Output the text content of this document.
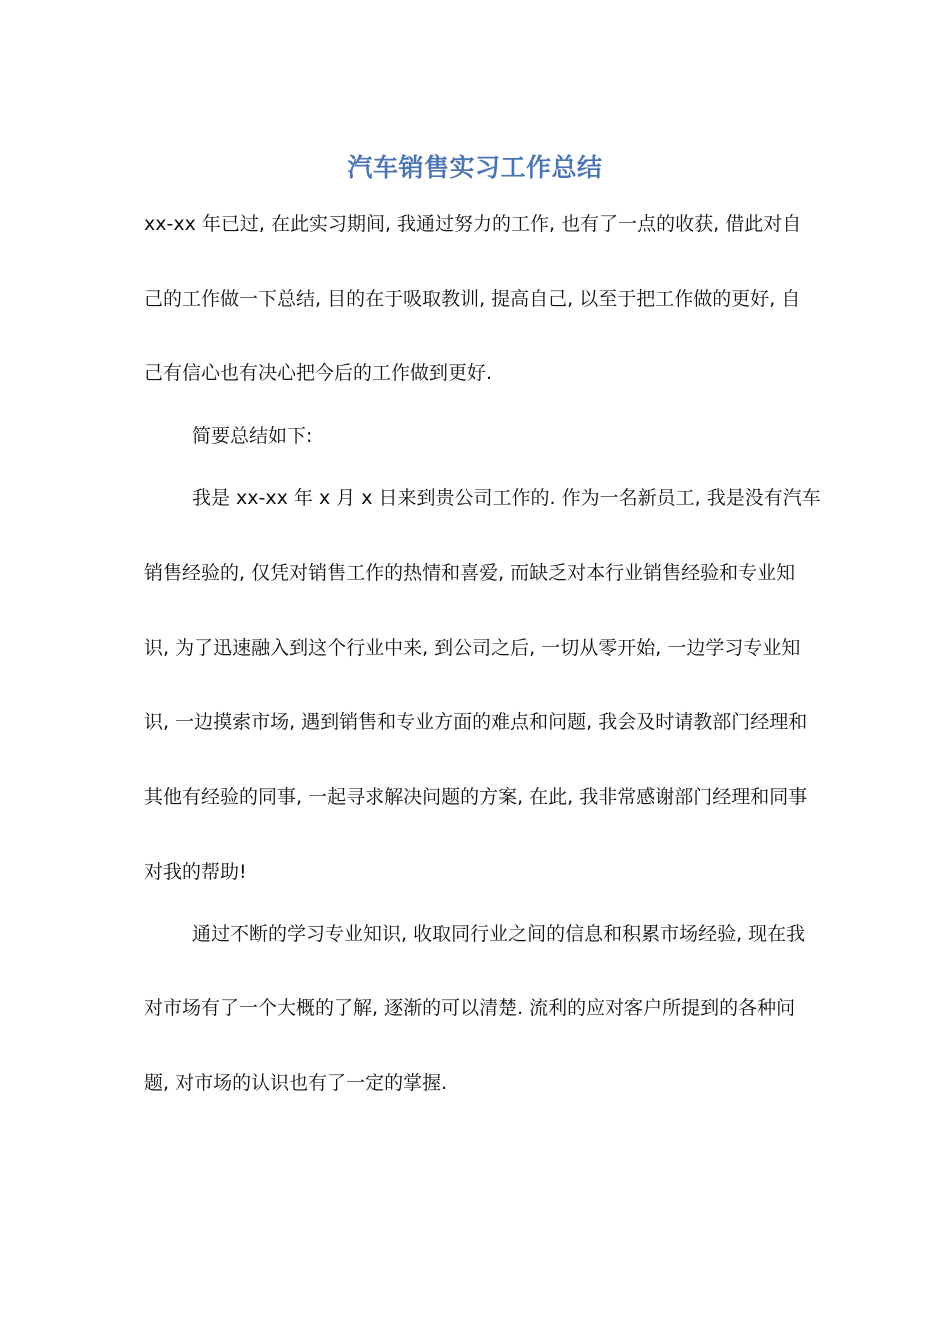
汽车销售实习工作总结
xx-xx 年已过, 在此实习期间, 我通过努力的工作, 也有了一点的收获, 借此对自
己的工作做一下总结, 目的在于吸取教训, 提高自己, 以至于把工作做的更好, 自
己有信心也有决心把今后的工作做到更好.
简要总结如下:
我是 xx-xx 年 x 月 x 日来到贵公司工作的. 作为一名新员工, 我是没有汽车
销售经验的, 仅凭对销售工作的热情和喜爱, 而缺乏对本行业销售经验和专业知
识, 为了迅速融入到这个行业中来, 到公司之后, 一切从零开始, 一边学习专业知
识, 一边摸索市场, 遇到销售和专业方面的难点和问题, 我会及时请教部门经理和
其他有经验的同事, 一起寻求解决问题的方案, 在此, 我非常感谢部门经理和同事
对我的帮助!
通过不断的学习专业知识, 收取同行业之间的信息和积累市场经验, 现在我
对市场有了一个大概的了解, 逐渐的可以清楚. 流利的应对客户所提到的各种问
题, 对市场的认识也有了一定的掌握.
